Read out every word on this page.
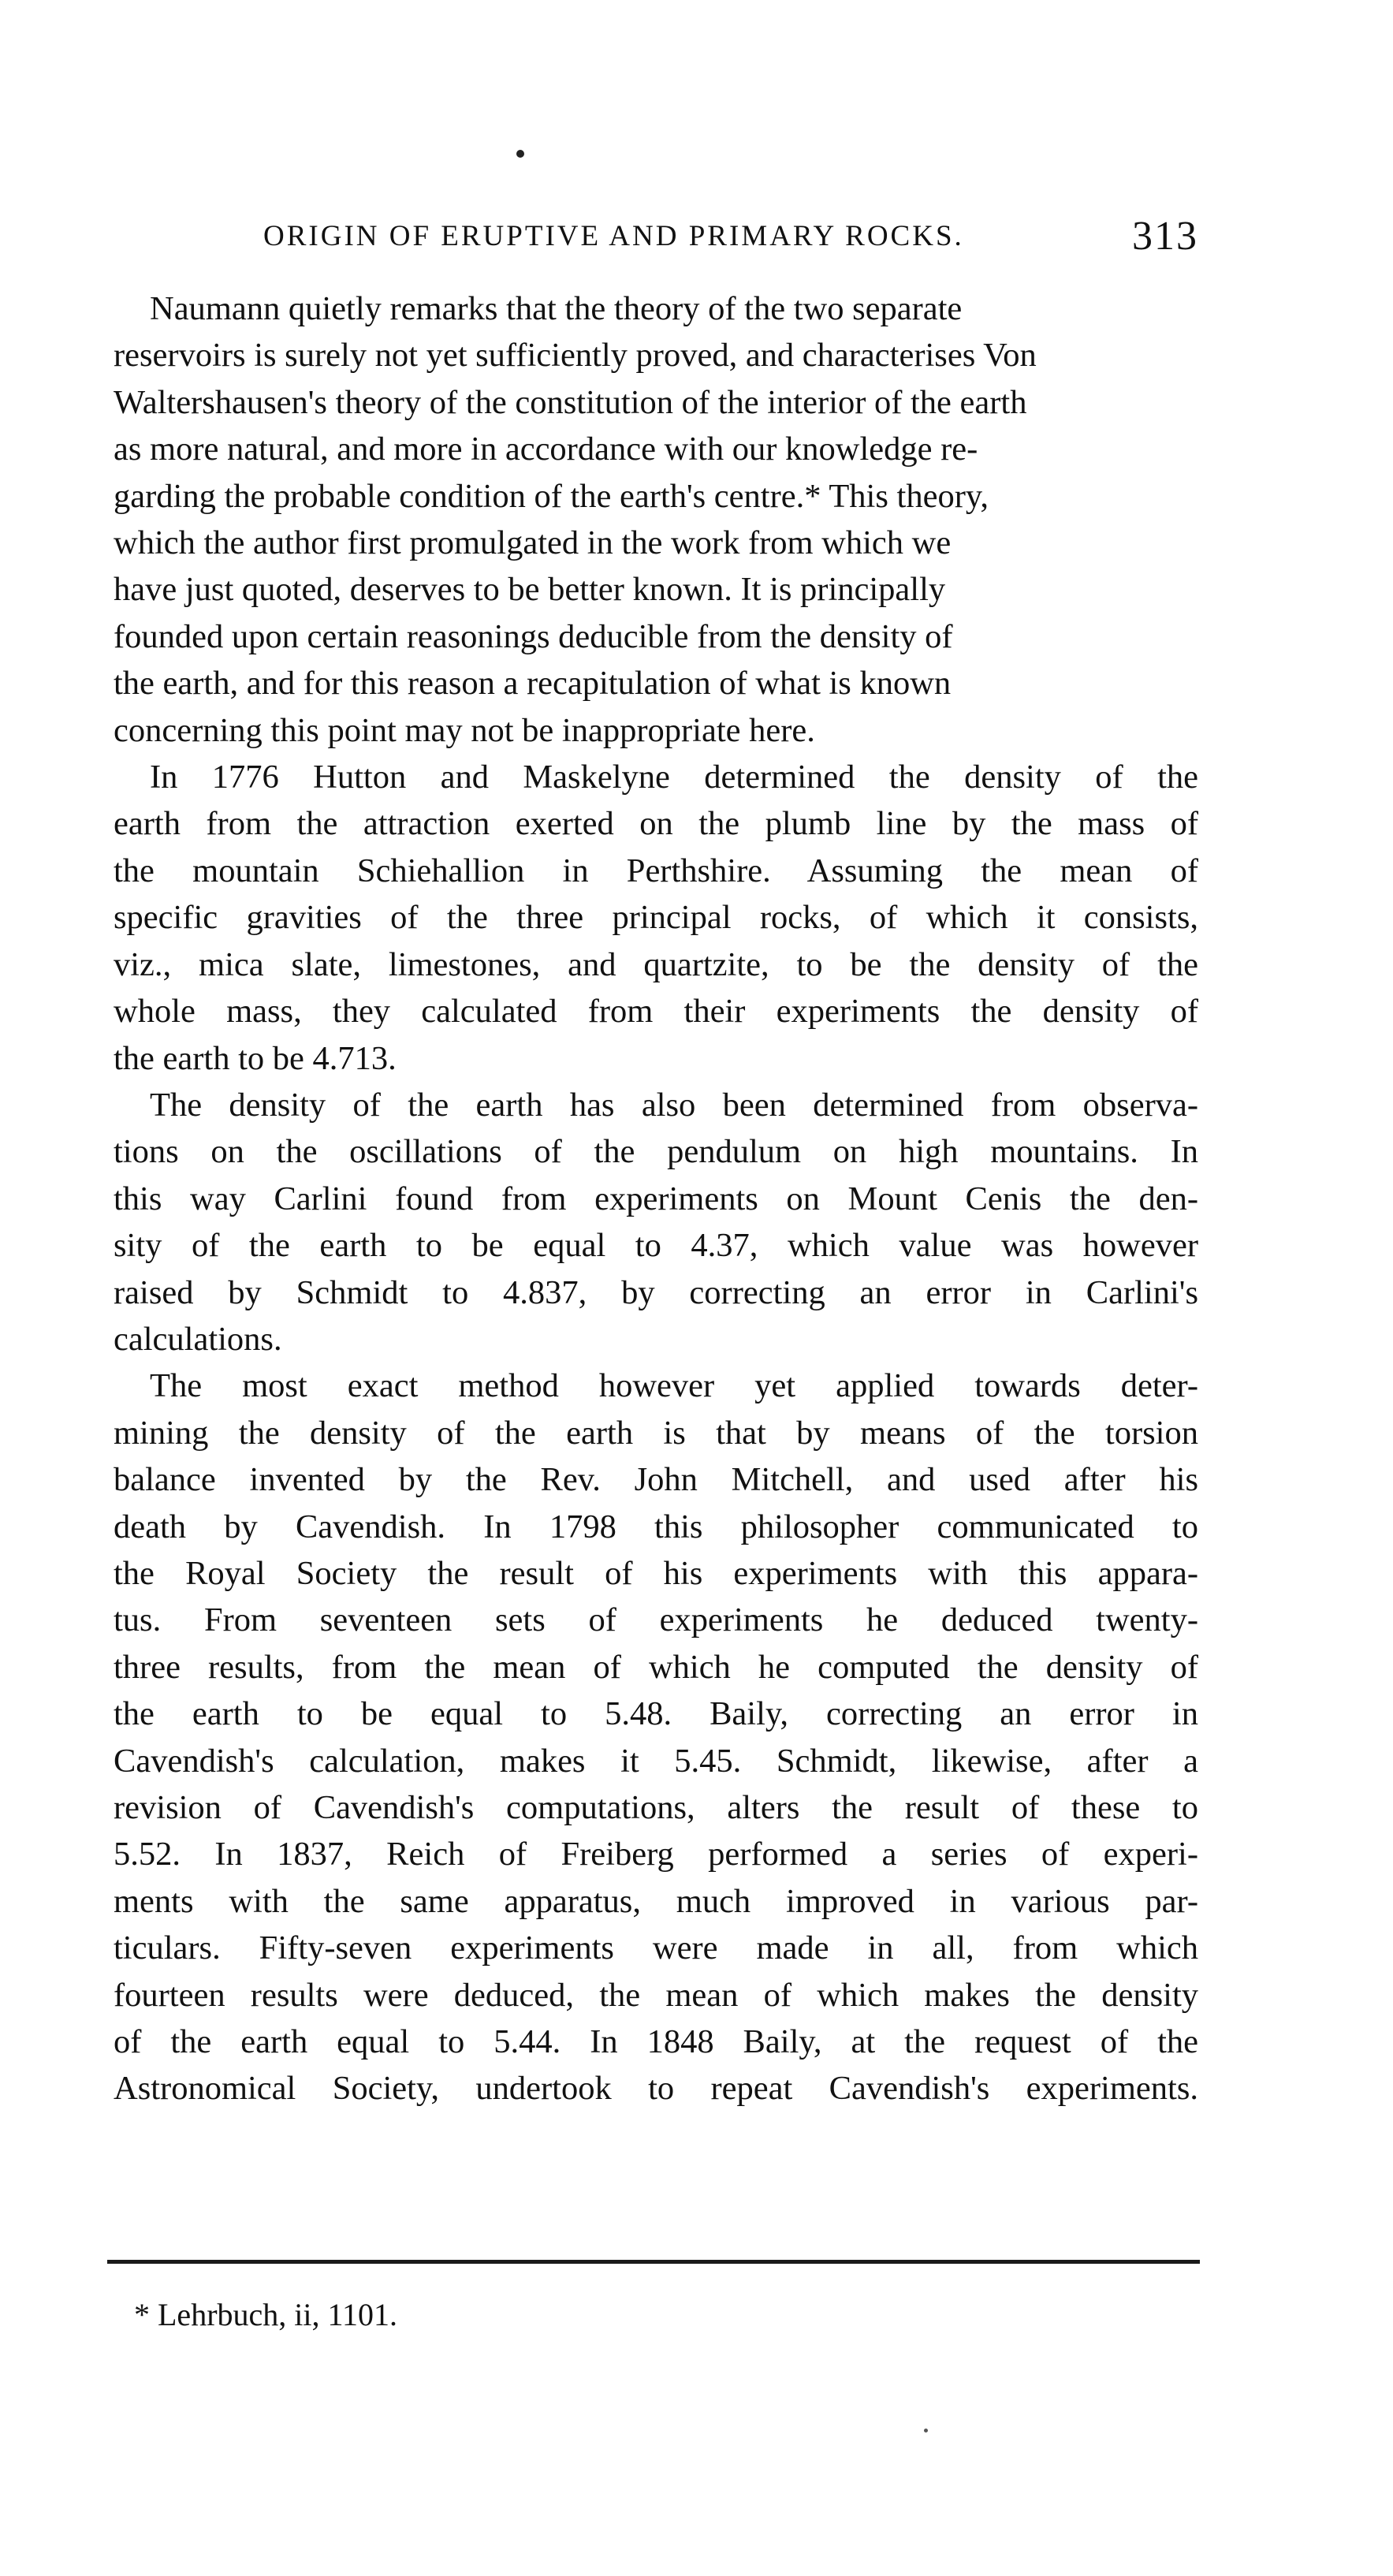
ORIGIN OF ERUPTIVE AND PRIMARY ROCKS.	313
Naumann quietly remarks that the theory of the two separate
reservoirs is surely not yet sufficiently proved, and characterises Von
Waltershausen's theory of the constitution of the interior of the earth
as more natural, and more in accordance with our knowledge re-
garding the probable condition of the earth's centre.* This theory,
which the author first promulgated in the work from which we
have just quoted, deserves to be better known. It is principally
founded upon certain reasonings deducible from the density of
the earth, and for this reason a recapitulation of what is known
concerning this point may not be inappropriate here.
In 1776 Hutton and Maskelyne determined the density of the
earth from the attraction exerted on the plumb line by the mass of
the mountain Schiehallion in Perthshire. Assuming the mean of
specific gravities of the three principal rocks, of which it consists,
viz., mica slate, limestones, and quartzite, to be the density of the
whole mass, they calculated from their experiments the density of
the earth to be 4.713.
The density of the earth has also been determined from observa-
tions on the oscillations of the pendulum on high mountains. In
this way Carlini found from experiments on Mount Cenis the den-
sity of the earth to be equal to 4.37, which value was however
raised by Schmidt to 4.837, by correcting an error in Carlini's
calculations.
The most exact method however yet applied towards deter-
mining the density of the earth is that by means of the torsion
balance invented by the Rev. John Mitchell, and used after his
death by Cavendish. In 1798 this philosopher communicated to
the Royal Society the result of his experiments with this appara-
tus. From seventeen sets of experiments he deduced twenty-
three results, from the mean of which he computed the density of
the earth to be equal to 5.48. Baily, correcting an error in
Cavendish's calculation, makes it 5.45. Schmidt, likewise, after a
revision of Cavendish's computations, alters the result of these to
5.52. In 1837, Reich of Freiberg performed a series of experi-
ments with the same apparatus, much improved in various par-
ticulars. Fifty-seven experiments were made in all, from which
fourteen results were deduced, the mean of which makes the density
of the earth equal to 5.44. In 1848 Baily, at the request of the
Astronomical Society, undertook to repeat Cavendish's experiments.
* Lehrbuch, ii, 1101.
